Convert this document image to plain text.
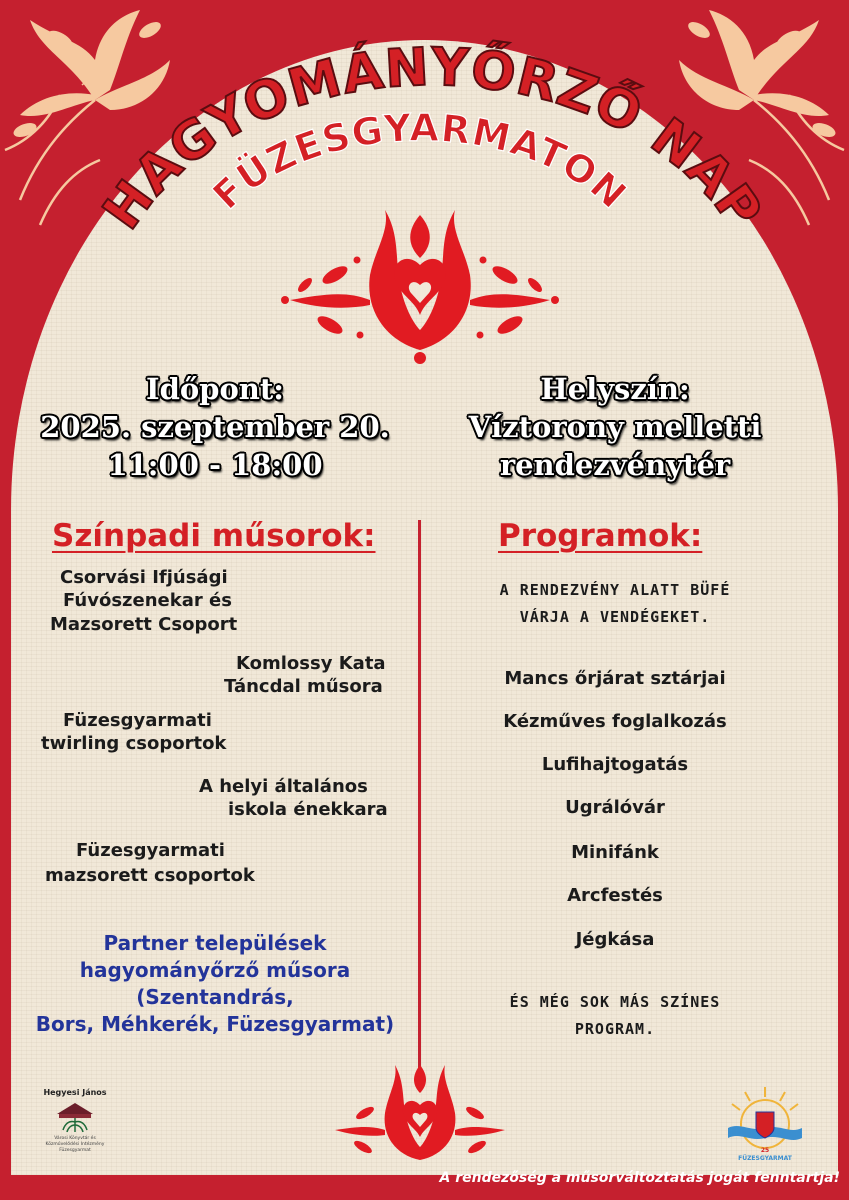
HAGYOMÁNYŐRZŐ NAP
FÜZESGYARMATON
Időpont:
2025. szeptember 20.
11:00 - 18:00
Helyszín:
Víztorony melletti
rendezvénytér
Színpadi műsorok:
Csorvási Ifjúsági
Fúvószenekar és
Mazsorett Csoport
Komlossy Kata
Táncdal műsora
Füzesgyarmati
twirling csoportok
A helyi általános
iskola énekkara
Füzesgyarmati
mazsorett csoportok
Partner települések
hagyományőrző műsora
(Szentandrás,
Bors, Méhkerék, Füzesgyarmat)
Programok:
A RENDEZVÉNY ALATT BÜFÉ
VÁRJA A VENDÉGEKET.
Mancs őrjárat sztárjai
Kézműves foglalkozás
Lufihajtogatás
Ugrálóvár
Minifánk
Arcfestés
Jégkása
ÉS MÉG SOK MÁS SZÍNES
PROGRAM.
Hegyesi János
Városi Könyvtár és
Közművelődési Intézmény
Füzesgyarmat	25
FÜZESGYARMAT
A rendezőség a műsorváltoztatás jogát fenntartja!
